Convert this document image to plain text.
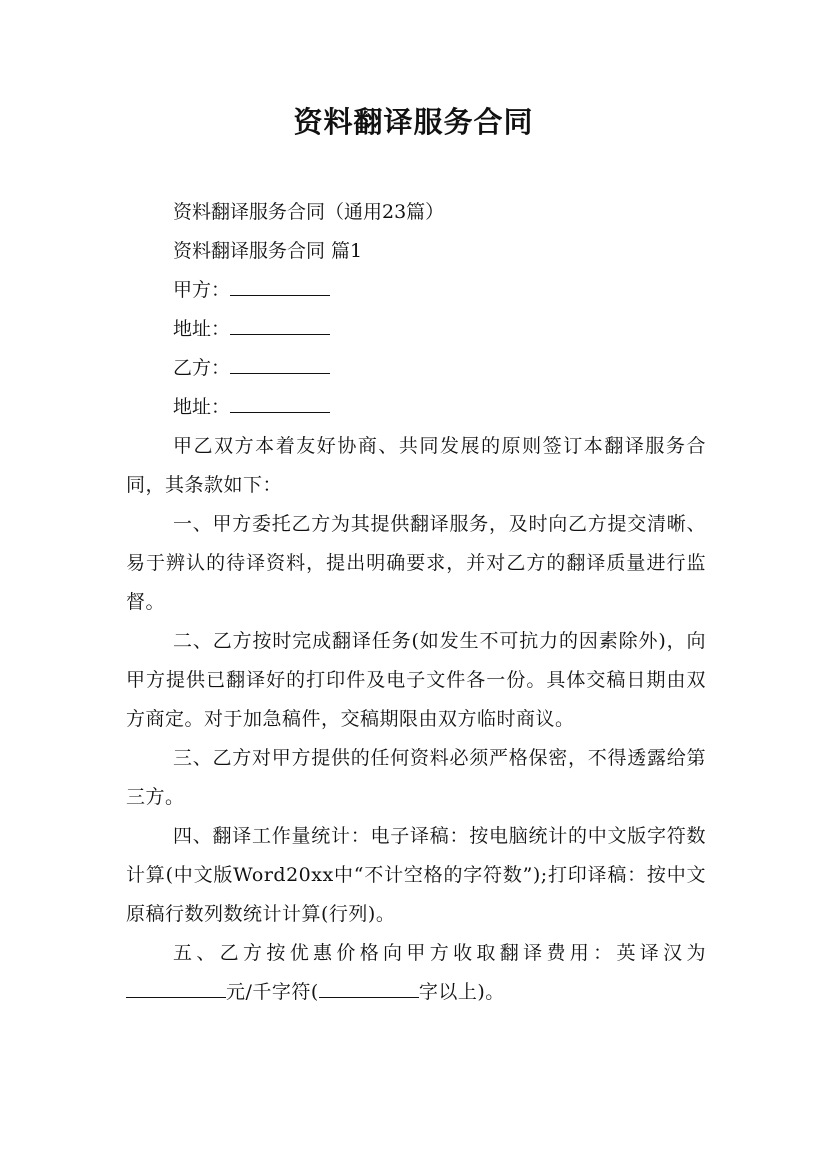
资料翻译服务合同

资料翻译服务合同（通用23篇）

资料翻译服务合同 篇1

甲方：

地址：

乙方：

地址：

甲乙双方本着友好协商、共同发展的原则签订本翻译服务合同，其条款如下：

一、甲方委托乙方为其提供翻译服务，及时向乙方提交清晰、易于辨认的待译资料，提出明确要求，并对乙方的翻译质量进行监督。

二、乙方按时完成翻译任务(如发生不可抗力的因素除外)，向甲方提供已翻译好的打印件及电子文件各一份。具体交稿日期由双方商定。对于加急稿件，交稿期限由双方临时商议。

三、乙方对甲方提供的任何资料必须严格保密，不得透露给第三方。

四、翻译工作量统计：电子译稿：按电脑统计的中文版字符数计算(中文版Word20xx中“不计空格的字符数”);打印译稿：按中文原稿行数列数统计计算(行列)。

五、乙方按优惠价格向甲方收取翻译费用：英译汉为元/千字符(	字以上)。
